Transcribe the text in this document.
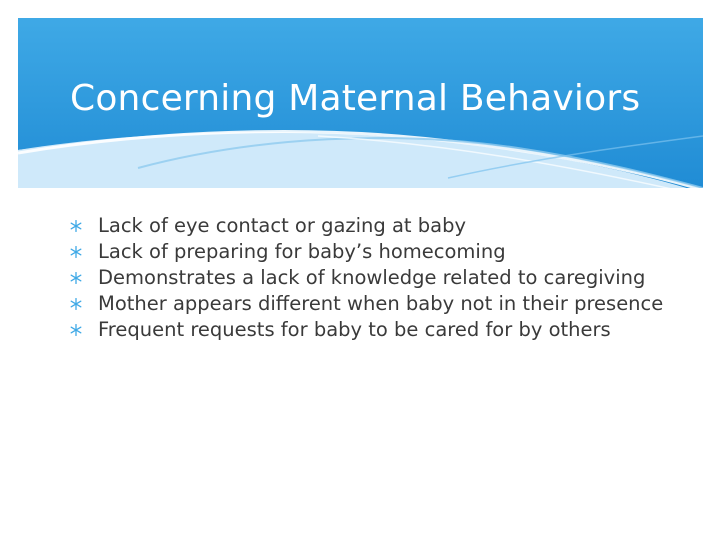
Concerning Maternal Behaviors
Lack of eye contact or gazing at baby
Lack of preparing for baby’s homecoming
Demonstrates a lack of knowledge related to caregiving
Mother appears different when baby not in their presence
Frequent requests for baby to be cared for by others
